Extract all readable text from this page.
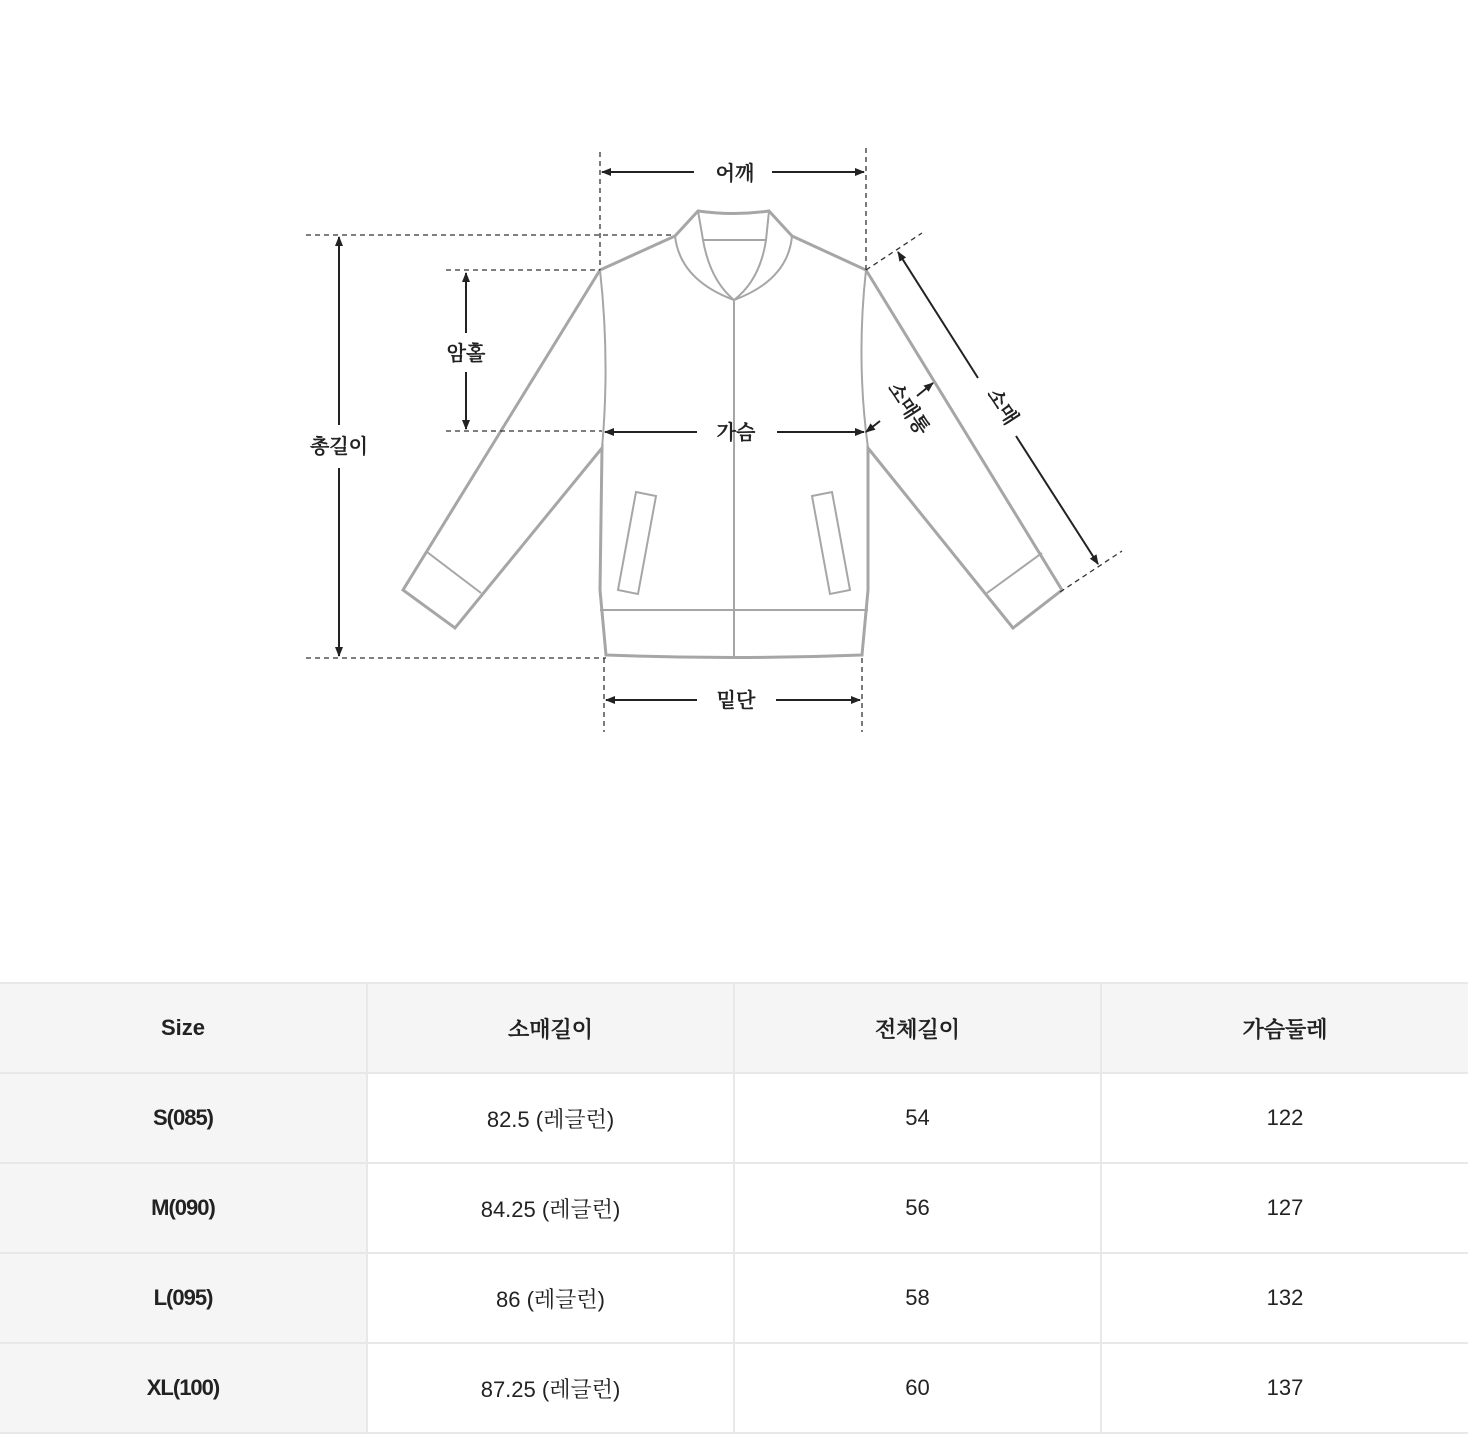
어깨
암홀
총길이
가슴
밑단
소매
소매통
Size	소매길이	전체길이	가슴둘레
S(085)	82.5 (레글런)	54	122
M(090)	84.25 (레글런)	56	127
L(095)	86 (레글런)	58	132
XL(100)	87.25 (레글런)	60	137
